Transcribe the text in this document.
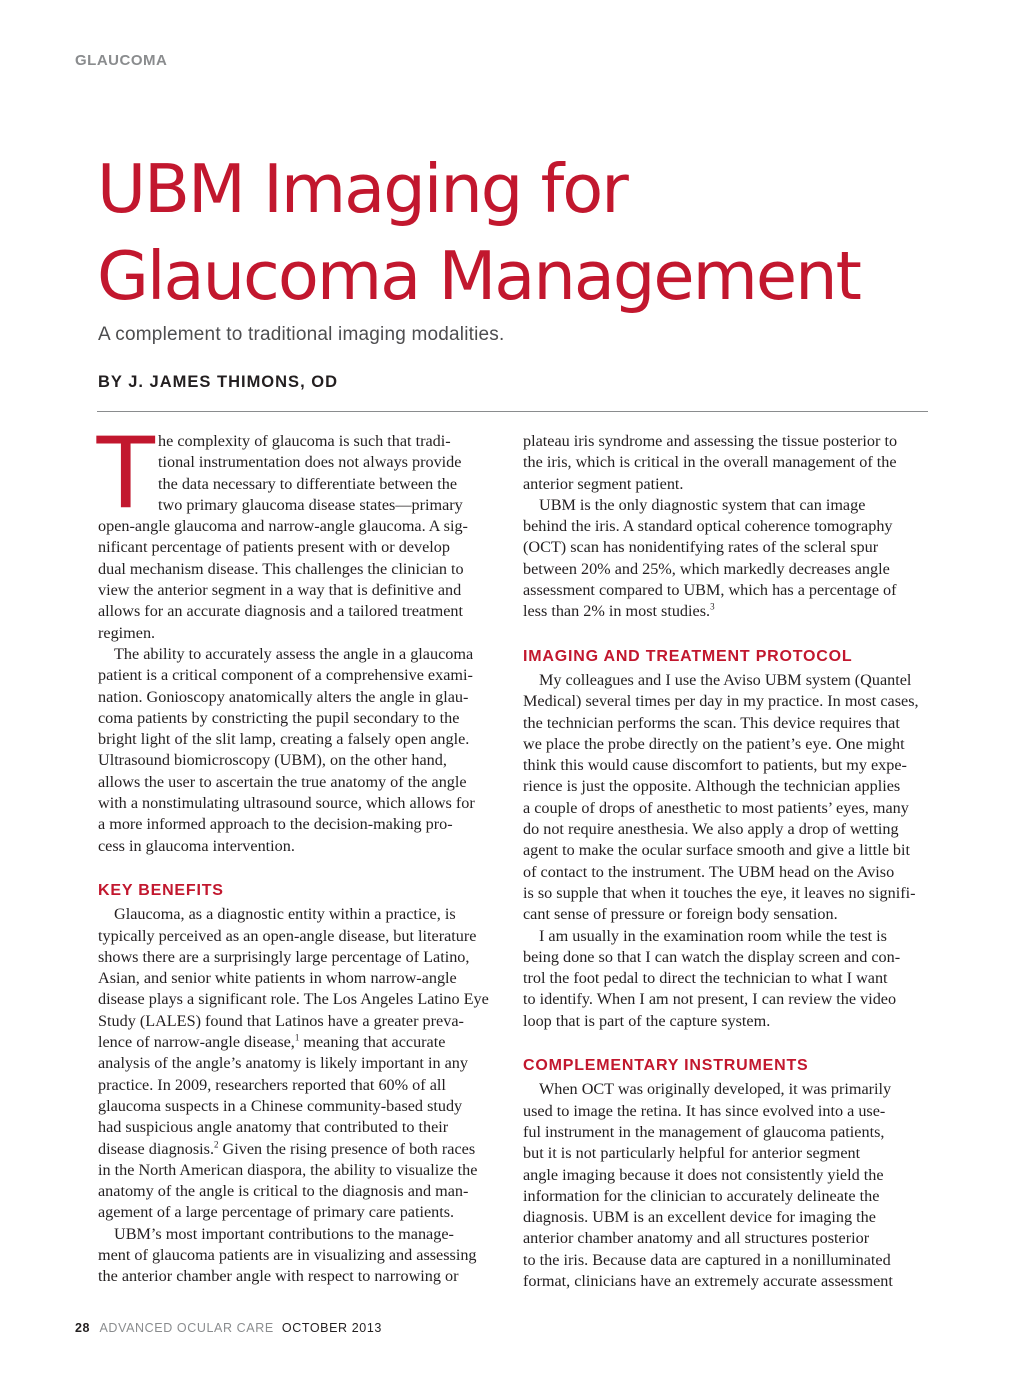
GLAUCOMA
UBM Imaging for
Glaucoma Management
A complement to traditional imaging modalities.
BY J. JAMES THIMONS, OD
T he complexity of glaucoma is such that tradi-
tional instrumentation does not always provide
the data necessary to differentiate between the
two primary glaucoma disease states—primary
open-angle glaucoma and narrow-angle glaucoma. A sig-
nificant percentage of patients present with or develop
dual mechanism disease. This challenges the clinician to
view the anterior segment in a way that is definitive and
allows for an accurate diagnosis and a tailored treatment
regimen.
The ability to accurately assess the angle in a glaucoma
patient is a critical component of a comprehensive exami-
nation. Gonioscopy anatomically alters the angle in glau-
coma patients by constricting the pupil secondary to the
bright light of the slit lamp, creating a falsely open angle.
Ultrasound biomicroscopy (UBM), on the other hand,
allows the user to ascertain the true anatomy of the angle
with a nonstimulating ultrasound source, which allows for
a more informed approach to the decision-making pro-
cess in glaucoma intervention.
KEY BENEFITS
Glaucoma, as a diagnostic entity within a practice, is
typically perceived as an open-angle disease, but literature
shows there are a surprisingly large percentage of Latino,
Asian, and senior white patients in whom narrow-angle
disease plays a significant role. The Los Angeles Latino Eye
Study (LALES) found that Latinos have a greater preva-
lence of narrow-angle disease,$^1$ meaning that accurate
analysis of the angle’s anatomy is likely important in any
practice. In 2009, researchers reported that 60% of all
glaucoma suspects in a Chinese community-based study
had suspicious angle anatomy that contributed to their
disease diagnosis.$^2$ Given the rising presence of both races
in the North American diaspora, the ability to visualize the
anatomy of the angle is critical to the diagnosis and man-
agement of a large percentage of primary care patients.
UBM’s most important contributions to the manage-
ment of glaucoma patients are in visualizing and assessing
the anterior chamber angle with respect to narrowing or
plateau iris syndrome and assessing the tissue posterior to
the iris, which is critical in the overall management of the
anterior segment patient.
UBM is the only diagnostic system that can image
behind the iris. A standard optical coherence tomography
(OCT) scan has nonidentifying rates of the scleral spur
between 20% and 25%, which markedly decreases angle
assessment compared to UBM, which has a percentage of
less than 2% in most studies.$^3$
IMAGING AND TREATMENT PROTOCOL
My colleagues and I use the Aviso UBM system (Quantel
Medical) several times per day in my practice. In most cases,
the technician performs the scan. This device requires that
we place the probe directly on the patient’s eye. One might
think this would cause discomfort to patients, but my expe-
rience is just the opposite. Although the technician applies
a couple of drops of anesthetic to most patients’ eyes, many
do not require anesthesia. We also apply a drop of wetting
agent to make the ocular surface smooth and give a little bit
of contact to the instrument. The UBM head on the Aviso
is so supple that when it touches the eye, it leaves no signifi-
cant sense of pressure or foreign body sensation.
I am usually in the examination room while the test is
being done so that I can watch the display screen and con-
trol the foot pedal to direct the technician to what I want
to identify. When I am not present, I can review the video
loop that is part of the capture system.
COMPLEMENTARY INSTRUMENTS
When OCT was originally developed, it was primarily
used to image the retina. It has since evolved into a use-
ful instrument in the management of glaucoma patients,
but it is not particularly helpful for anterior segment
angle imaging because it does not consistently yield the
information for the clinician to accurately delineate the
diagnosis. UBM is an excellent device for imaging the
anterior chamber anatomy and all structures posterior
to the iris. Because data are captured in a nonilluminated
format, clinicians have an extremely accurate assessment
28 ADVANCED OCULAR CARE OCTOBER 2013
